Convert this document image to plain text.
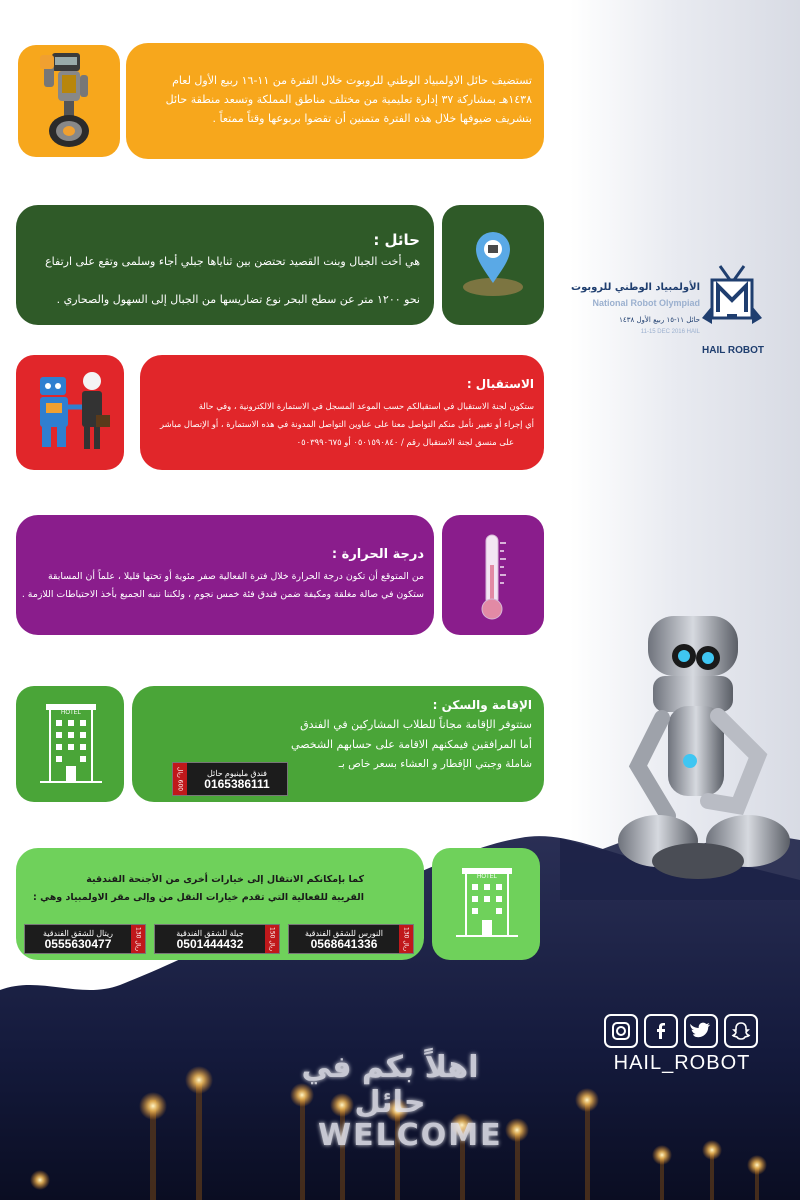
اهلاً بكم في حائل
WELCOME
تستضيف حائل الاولمبياد الوطني للروبوت خلال الفترة من ١١-١٦ ربيع الأول لعام ١٤٣٨هـ بمشاركة ٣٧ إدارة تعليمية من مختلف مناطق المملكة وتسعد منطقة حائل بتشريف ضيوفها خلال هذه الفترة متمنين أن تقضوا بربوعها وقتاً ممتعاً .
حائل :
هي أخت الجبال وبنت القصيد تحتضن بين ثناياها جبلي أجاء وسلمى وتقع على ارتفاع
نحو ١٢٠٠ متر عن سطح البحر نوع تضاريسها من الجبال إلى السهول والصحاري .
الأولمبياد الوطني للروبوت
National Robot Olympiad
حائل ١١-١٥ ربيع الأول ١٤٣٨
11-15 DEC 2016 HAIL
HAIL ROBOT
الاستقبال :
ستكون لجنة الاستقبال في استقبالكم حسب الموعد المسجل في الاستمارة الالكترونية ، وفي حالة
أي إجراء أو تغيير نأمل منكم التواصل معنا على عناوين التواصل المدونة في هذه الاستمارة ، أو الإتصال مباشر
على منسق لجنة الاستقبال رقم / ٠٥٠١٥٩٠٨٤٠ أو ٠٥٠٣٩٩٠٦٧٥
درجة الحرارة :
من المتوقع أن تكون درجة الحرارة خلال فترة الفعالية صفر مئوية أو تحتها قليلا ، علماً أن المسابقة
ستكون في صالة مغلقة ومكيفة ضمن فندق فئة خمس نجوم ، ولكننا ننبه الجميع بأخذ الاحتياطات اللازمة .
HOTEL
الإقامة والسكن :
ستتوفر الإقامة مجاناً للطلاب المشاركين في الفندق
أما المرافقين فيمكنهم الاقامة على حسابهم الشخصي
شاملة وجبتي الإفطار و العشاء بسعر خاص بـ
600 ريال
فندق ملينيوم حائل
0165386111
كما بإمكانكم الانتقال إلى خيارات أخرى من الأجنحة الفندقية
القريبة للفعالية التي تقدم خيارات النقل من وإلى مقر الاولمبياد وهي :
130 ريال
النورس للشقق الفندقية
0568641336
150 ريال
جيلة للشقق الفندقية
0501444432
130 ريال
ريتال للشقق الفندقية
0555630477
HOTEL
HAIL_ROBOT
